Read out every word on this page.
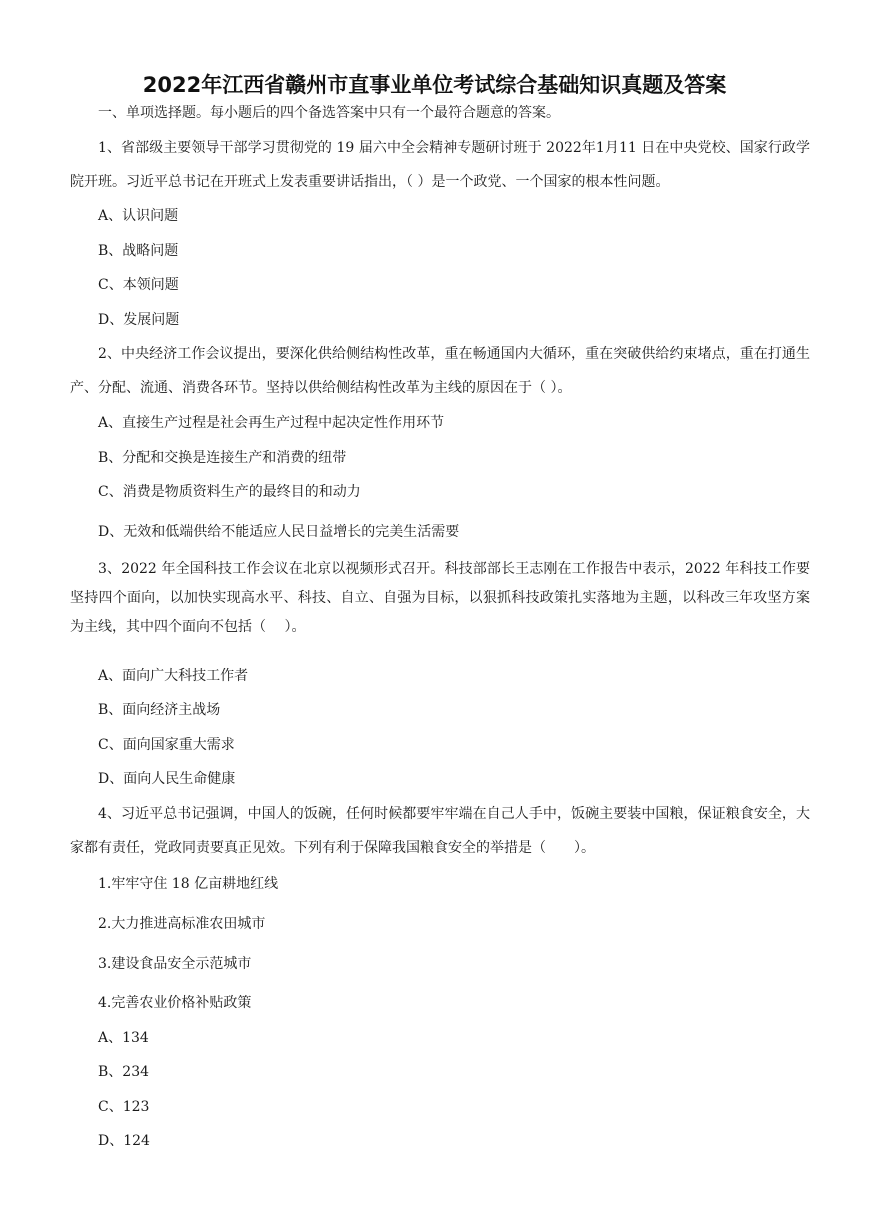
2022年江西省赣州市直事业单位考试综合基础知识真题及答案
一、单项选择题。每小题后的四个备选答案中只有一个最符合题意的答案。
1、省部级主要领导干部学习贯彻党的 19 届六中全会精神专题研讨班于 2022年1月11 日在中央党校、国家行政学院开班。习近平总书记在开班式上发表重要讲话指出，（ ）是一个政党、一个国家的根本性问题。
A、认识问题
B、战略问题
C、本领问题
D、发展问题
2、中央经济工作会议提出，要深化供给侧结构性改革，重在畅通国内大循环，重在突破供给约束堵点，重在打通生产、分配、流通、消费各环节。坚持以供给侧结构性改革为主线的原因在于（ ）。
A、直接生产过程是社会再生产过程中起决定性作用环节
B、分配和交换是连接生产和消费的纽带
C、消费是物质资料生产的最终目的和动力
D、无效和低端供给不能适应人民日益增长的完美生活需要
3、2022 年全国科技工作会议在北京以视频形式召开。科技部部长王志刚在工作报告中表示，2022 年科技工作要坚持四个面向，以加快实现高水平、科技、自立、自强为目标，以狠抓科技政策扎实落地为主题，以科改三年攻坚方案为主线，其中四个面向不包括（　 ）。
A、面向广大科技工作者
B、面向经济主战场
C、面向国家重大需求
D、面向人民生命健康
4、习近平总书记强调，中国人的饭碗，任何时候都要牢牢端在自己人手中，饭碗主要装中国粮，保证粮食安全，大家都有责任，党政同责要真正见效。下列有利于保障我国粮食安全的举措是（　　）。
1.牢牢守住 18 亿亩耕地红线
2.大力推进高标准农田城市
3.建设食品安全示范城市
4.完善农业价格补贴政策
A、134
B、234
C、123
D、124
